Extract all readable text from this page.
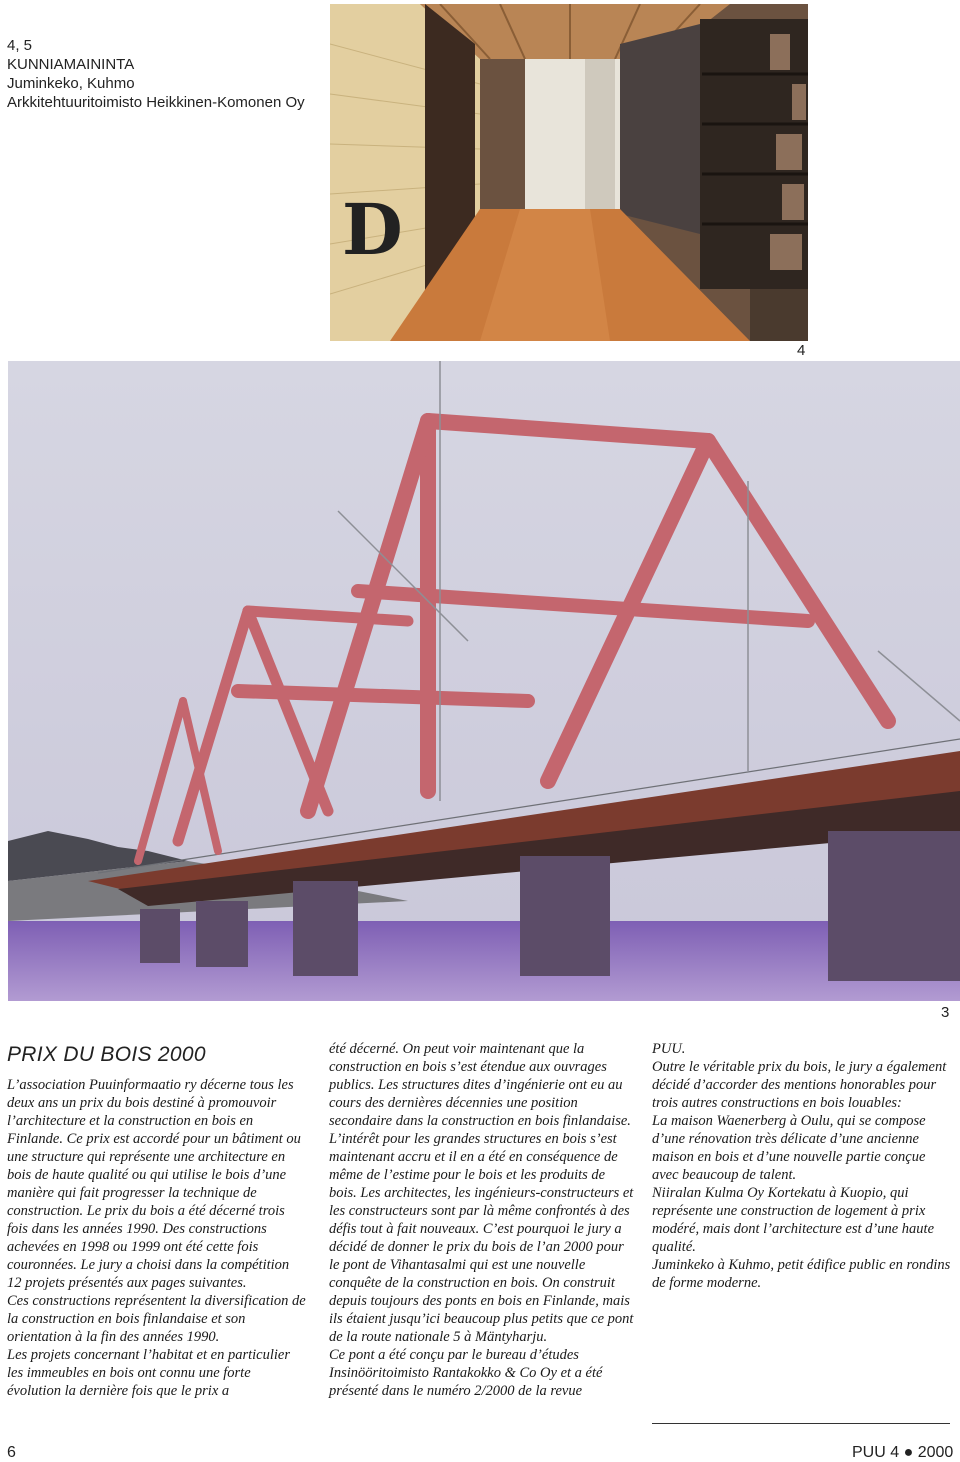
4, 5
KUNNIAMAININTA
Juminkeko, Kuhmo
Arkkitehtuuritoimisto Heikkinen-Komonen Oy
D
4
3
PRIX DU BOIS 2000

L’association Puuinformaatio ry décerne tous les deux ans un prix du bois destiné à promouvoir l’architecture et la construction en bois en Finlande. Ce prix est accordé pour un bâtiment ou une structure qui représente une architecture en bois de haute qualité ou qui utilise le bois d’une manière qui fait progresser la technique de construction. Le prix du bois a été décerné trois fois dans les années 1990. Des constructions achevées en 1998 ou 1999 ont été cette fois couronnées. Le jury a choisi dans la compétition 12 projets présentés aux pages suivantes.

Ces constructions représentent la diversification de la construction en bois finlandaise et son orientation à la fin des années 1990.

Les projets concernant l’habitat et en particulier les immeubles en bois ont connu une forte évolution la dernière fois que le prix a

été décerné. On peut voir maintenant que la construction en bois s’est étendue aux ouvrages publics. Les structures dites d’ingénierie ont eu au cours des dernières décennies une position secondaire dans la construction en bois finlandaise. L’intérêt pour les grandes structures en bois s’est maintenant accru et il en a été en conséquence de même de l’estime pour le bois et les produits de bois. Les architectes, les ingénieurs-constructeurs et les constructeurs sont par là même confrontés à des défis tout à fait nouveaux. C’est pourquoi le jury a décidé de donner le prix du bois de l’an 2000 pour le pont de Vihantasalmi qui est une nouvelle conquête de la construction en bois. On construit depuis toujours des ponts en bois en Finlande, mais ils étaient jusqu’ici beaucoup plus petits que ce pont de la route nationale 5 à Mäntyharju.

Ce pont a été conçu par le bureau d’études Insinööritoimisto Rantakokko & Co Oy et a été présenté dans le numéro 2/2000 de la revue

PUU.

Outre le véritable prix du bois, le jury a également décidé d’accorder des mentions honorables pour trois autres constructions en bois louables:

La maison Waenerberg à Oulu, qui se compose d’une rénovation très délicate d’une ancienne maison en bois et d’une nouvelle partie conçue avec beaucoup de talent.

Niiralan Kulma Oy Kortekatu à Kuopio, qui représente une construction de logement à prix modéré, mais dont l’architecture est d’une haute qualité.

Juminkeko à Kuhmo, petit édifice public en rondins de forme moderne.

6	PUU 4 ● 2000
